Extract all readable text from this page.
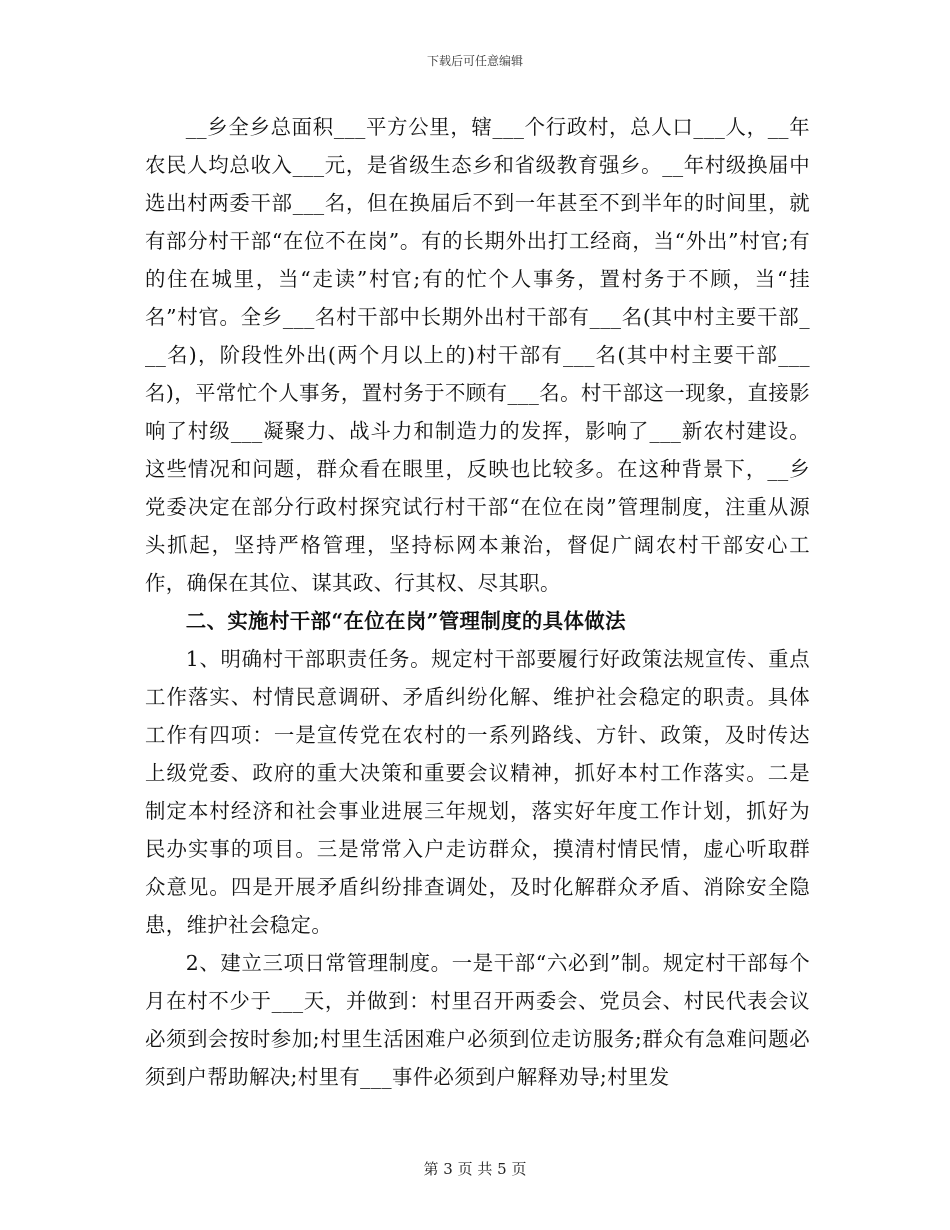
下载后可任意编辑

__乡全乡总面积___平方公里，辖___个行政村，总人口___人，__年农民人均总收入___元，是省级生态乡和省级教育强乡。__年村级换届中选出村两委干部___名，但在换届后不到一年甚至不到半年的时间里，就有部分村干部“在位不在岗”。有的长期外出打工经商，当“外出”村官;有的住在城里，当“走读”村官;有的忙个人事务，置村务于不顾，当“挂名”村官。全乡___名村干部中长期外出村干部有___名(其中村主要干部___名)，阶段性外出(两个月以上的)村干部有___名(其中村主要干部___名)，平常忙个人事务，置村务于不顾有___名。村干部这一现象，直接影响了村级___凝聚力、战斗力和制造力的发挥，影响了___新农村建设。这些情况和问题，群众看在眼里，反映也比较多。在这种背景下，__乡党委决定在部分行政村探究试行村干部“在位在岗”管理制度，注重从源头抓起，坚持严格管理，坚持标网本兼治，督促广阔农村干部安心工作，确保在其位、谋其政、行其权、尽其职。

二、实施村干部“在位在岗”管理制度的具体做法

1、明确村干部职责任务。规定村干部要履行好政策法规宣传、重点工作落实、村情民意调研、矛盾纠纷化解、维护社会稳定的职责。具体工作有四项：一是宣传党在农村的一系列路线、方针、政策，及时传达上级党委、政府的重大决策和重要会议精神，抓好本村工作落实。二是制定本村经济和社会事业进展三年规划，落实好年度工作计划，抓好为民办实事的项目。三是常常入户走访群众，摸清村情民情，虚心听取群众意见。四是开展矛盾纠纷排查调处，及时化解群众矛盾、消除安全隐患，维护社会稳定。

2、建立三项日常管理制度。一是干部“六必到”制。规定村干部每个月在村不少于___天，并做到：村里召开两委会、党员会、村民代表会议必须到会按时参加;村里生活困难户必须到位走访服务;群众有急难问题必须到户帮助解决;村里有___事件必须到户解释劝导;村里发

第 3 页 共 5 页
